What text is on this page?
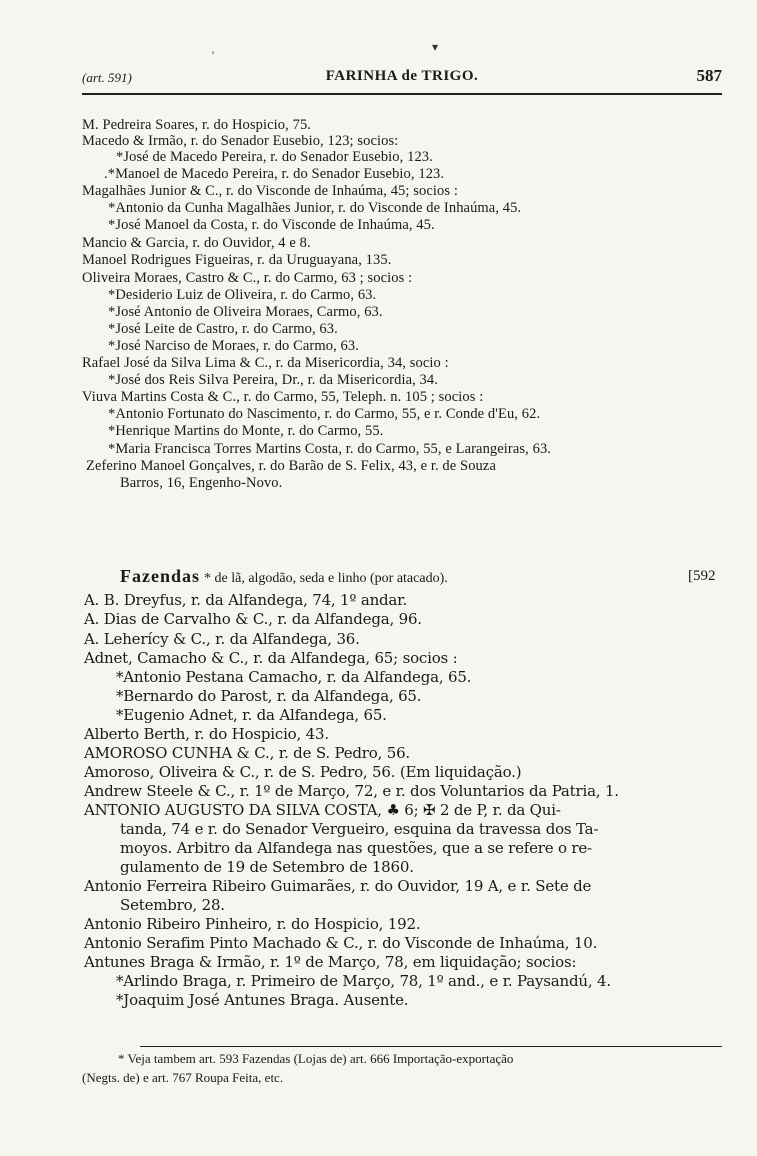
▾
'
(art. 591)	FARINHA de TRIGO.	587
M. Pedreira Soares, r. do Hospicio, 75.
Macedo & Irmão, r. do Senador Eusebio, 123; socios:
*José de Macedo Pereira, r. do Senador Eusebio, 123.
.*Manoel de Macedo Pereira, r. do Senador Eusebio, 123.
Magalhães Junior & C., r. do Visconde de Inhaúma, 45; socios :
*Antonio da Cunha Magalhães Junior, r. do Visconde de Inhaúma, 45.
*José Manoel da Costa, r. do Visconde de Inhaúma, 45.
Mancio & Garcia, r. do Ouvidor, 4 e 8.
Manoel Rodrigues Figueiras, r. da Uruguayana, 135.
Oliveira Moraes, Castro & C., r. do Carmo, 63 ; socios :
*Desiderio Luiz de Oliveira, r. do Carmo, 63.
*José Antonio de Oliveira Moraes, Carmo, 63.
*José Leite de Castro, r. do Carmo, 63.
*José Narciso de Moraes, r. do Carmo, 63.
Rafael José da Silva Lima & C., r. da Misericordia, 34, socio :
*José dos Reis Silva Pereira, Dr., r. da Misericordia, 34.
Viuva Martins Costa & C., r. do Carmo, 55, Teleph. n. 105 ; socios :
*Antonio Fortunato do Nascimento, r. do Carmo, 55, e r. Conde d'Eu, 62.
*Henrique Martins do Monte, r. do Carmo, 55.
*Maria Francisca Torres Martins Costa, r. do Carmo, 55, e Larangeiras, 63.
Zeferino Manoel Gonçalves, r. do Barão de S. Felix, 43, e r. de Souza
Barros, 16, Engenho-Novo.
Fazendas * de lã, algodão, seda e linho (por atacado).	[592
A. B. Dreyfus, r. da Alfandega, 74, 1º andar.
A. Dias de Carvalho & C., r. da Alfandega, 96.
A. Leherícy & C., r. da Alfandega, 36.
Adnet, Camacho & C., r. da Alfandega, 65; socios :
*Antonio Pestana Camacho, r. da Alfandega, 65.
*Bernardo do Parost, r. da Alfandega, 65.
*Eugenio Adnet, r. da Alfandega, 65.
Alberto Berth, r. do Hospicio, 43.
AMOROSO CUNHA & C., r. de S. Pedro, 56.
Amoroso, Oliveira & C., r. de S. Pedro, 56. (Em liquidação.)
Andrew Steele & C., r. 1º de Março, 72, e r. dos Voluntarios da Patria, 1.
ANTONIO AUGUSTO DA SILVA COSTA, ♣ 6; ✠ 2 de P, r. da Qui-
tanda, 74 e r. do Senador Vergueiro, esquina da travessa dos Ta-
moyos. Arbitro da Alfandega nas questões, que a se refere o re-
gulamento de 19 de Setembro de 1860.
Antonio Ferreira Ribeiro Guimarães, r. do Ouvidor, 19 A, e r. Sete de
Setembro, 28.
Antonio Ribeiro Pinheiro, r. do Hospicio, 192.
Antonio Serafim Pinto Machado & C., r. do Visconde de Inhaúma, 10.
Antunes Braga & Irmão, r. 1º de Março, 78, em liquidação; socios:
*Arlindo Braga, r. Primeiro de Março, 78, 1º and., e r. Paysandú, 4.
*Joaquim José Antunes Braga. Ausente.
* Veja tambem art. 593 Fazendas (Lojas de) art. 666 Importação-exportação
(Negts. de) e art. 767 Roupa Feita, etc.
